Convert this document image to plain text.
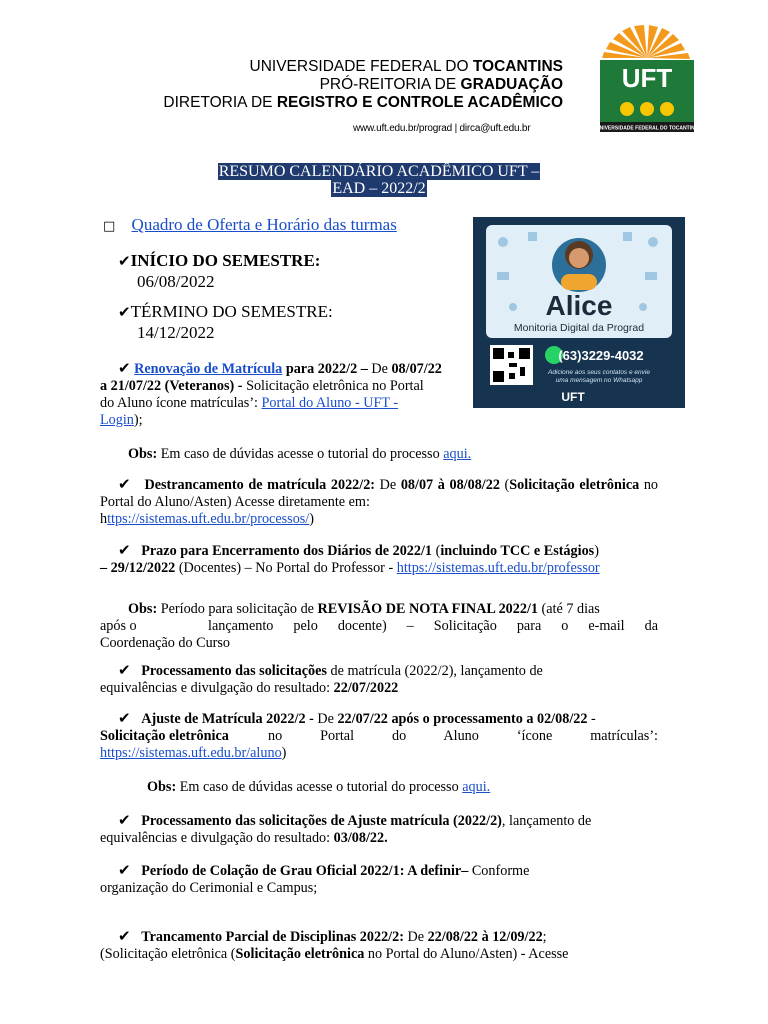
UNIVERSIDADE FEDERAL DO TOCANTINS
PRÓ-REITORIA DE GRADUAÇÃO
DIRETORIA DE REGISTRO E CONTROLE ACADÊMICO
www.uft.edu.br/prograd | dirca@uft.edu.br
UFT
UNIVERSIDADE FEDERAL DO TOCANTINS
RESUMO CALENDÁRIO ACADÊMICO UFT –
EAD – 2022/2
□ Quadro de Oferta e Horário das turmas
✔INÍCIO DO SEMESTRE:
06/08/2022
✔TÉRMINO DO SEMESTRE:
14/12/2022
Alice
Monitoria Digital da Prograd
(63)3229-4032
Adicione aos seus contatos e envie
uma mensagem no Whatsapp
UFT
✔ Renovação de Matrícula para 2022/2 – De 08/07/22
a 21/07/22 (Veteranos) - Solicitação eletrônica no Portal
do Aluno ícone matrículas’: Portal do Aluno - UFT -
Login);
Obs: Em caso de dúvidas acesse o tutorial do processo aqui.
✔ Destrancamento de matrícula 2022/2: De 08/07 à 08/08/22 (Solicitação eletrônica no Portal do Aluno/Asten) Acesse diretamente em:
https://sistemas.uft.edu.br/processos/)
✔ Prazo para Encerramento dos Diários de 2022/1 (incluindo TCC e Estágios)
– 29/12/2022 (Docentes) – No Portal do Professor - https://sistemas.uft.edu.br/professor
Obs: Período para solicitação de REVISÃO DE NOTA FINAL 2022/1 (até 7 dias
após o	lançamento pelo docente) – Solicitação para o e-mail da
Coordenação do Curso
✔ Processamento das solicitações de matrícula (2022/2), lançamento de
equivalências e divulgação do resultado: 22/07/2022
✔ Ajuste de Matrícula 2022/2 - De 22/07/22 após o processamento a 02/08/22 -
Solicitação eletrônica	no Portal do Aluno ‘ícone matrículas’:
https://sistemas.uft.edu.br/aluno)
Obs: Em caso de dúvidas acesse o tutorial do processo aqui.
✔ Processamento das solicitações de Ajuste matrícula (2022/2), lançamento de
equivalências e divulgação do resultado: 03/08/22.
✔ Período de Colação de Grau Oficial 2022/1: A definir– Conforme
organização do Cerimonial e Campus;
✔ Trancamento Parcial de Disciplinas 2022/2: De 22/08/22 à 12/09/22;
(Solicitação eletrônica (Solicitação eletrônica no Portal do Aluno/Asten) - Acesse
